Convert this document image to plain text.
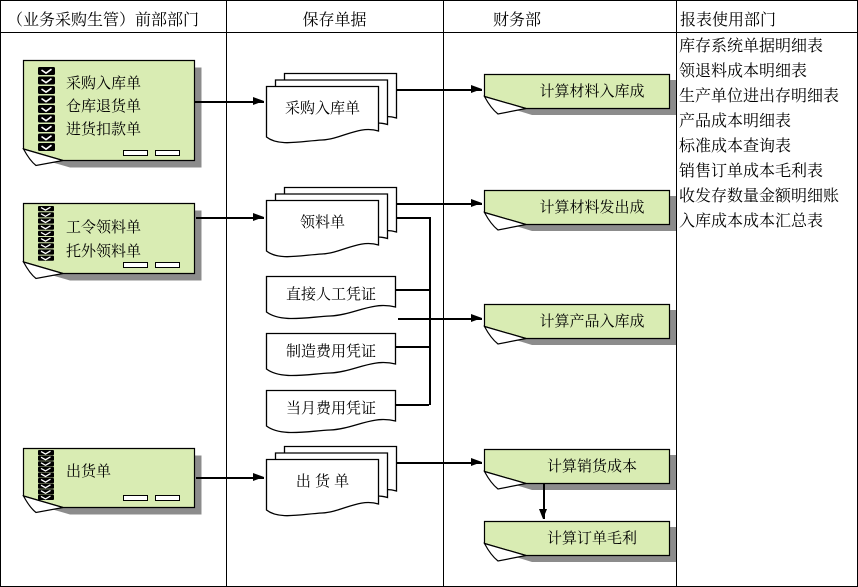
（业务采购生管）前部部门	保存单据	财务部	报表使用部门
库存系统单据明细表
领退料成本明细表
生产单位进出存明细表
产品成本明细表
标准成本查询表
销售订单成本毛利表
收发存数量金额明细账
入库成本成本汇总表
采购入库单
仓库退货单
进货扣款单
工令领料单
托外领料单
出货单
采购入库单
领料单
直接人工凭证
制造费用凭证
当月费用凭证
出 货 单
计算材料入库成
计算材料发出成
计算产品入库成
计算销货成本
计算订单毛利
